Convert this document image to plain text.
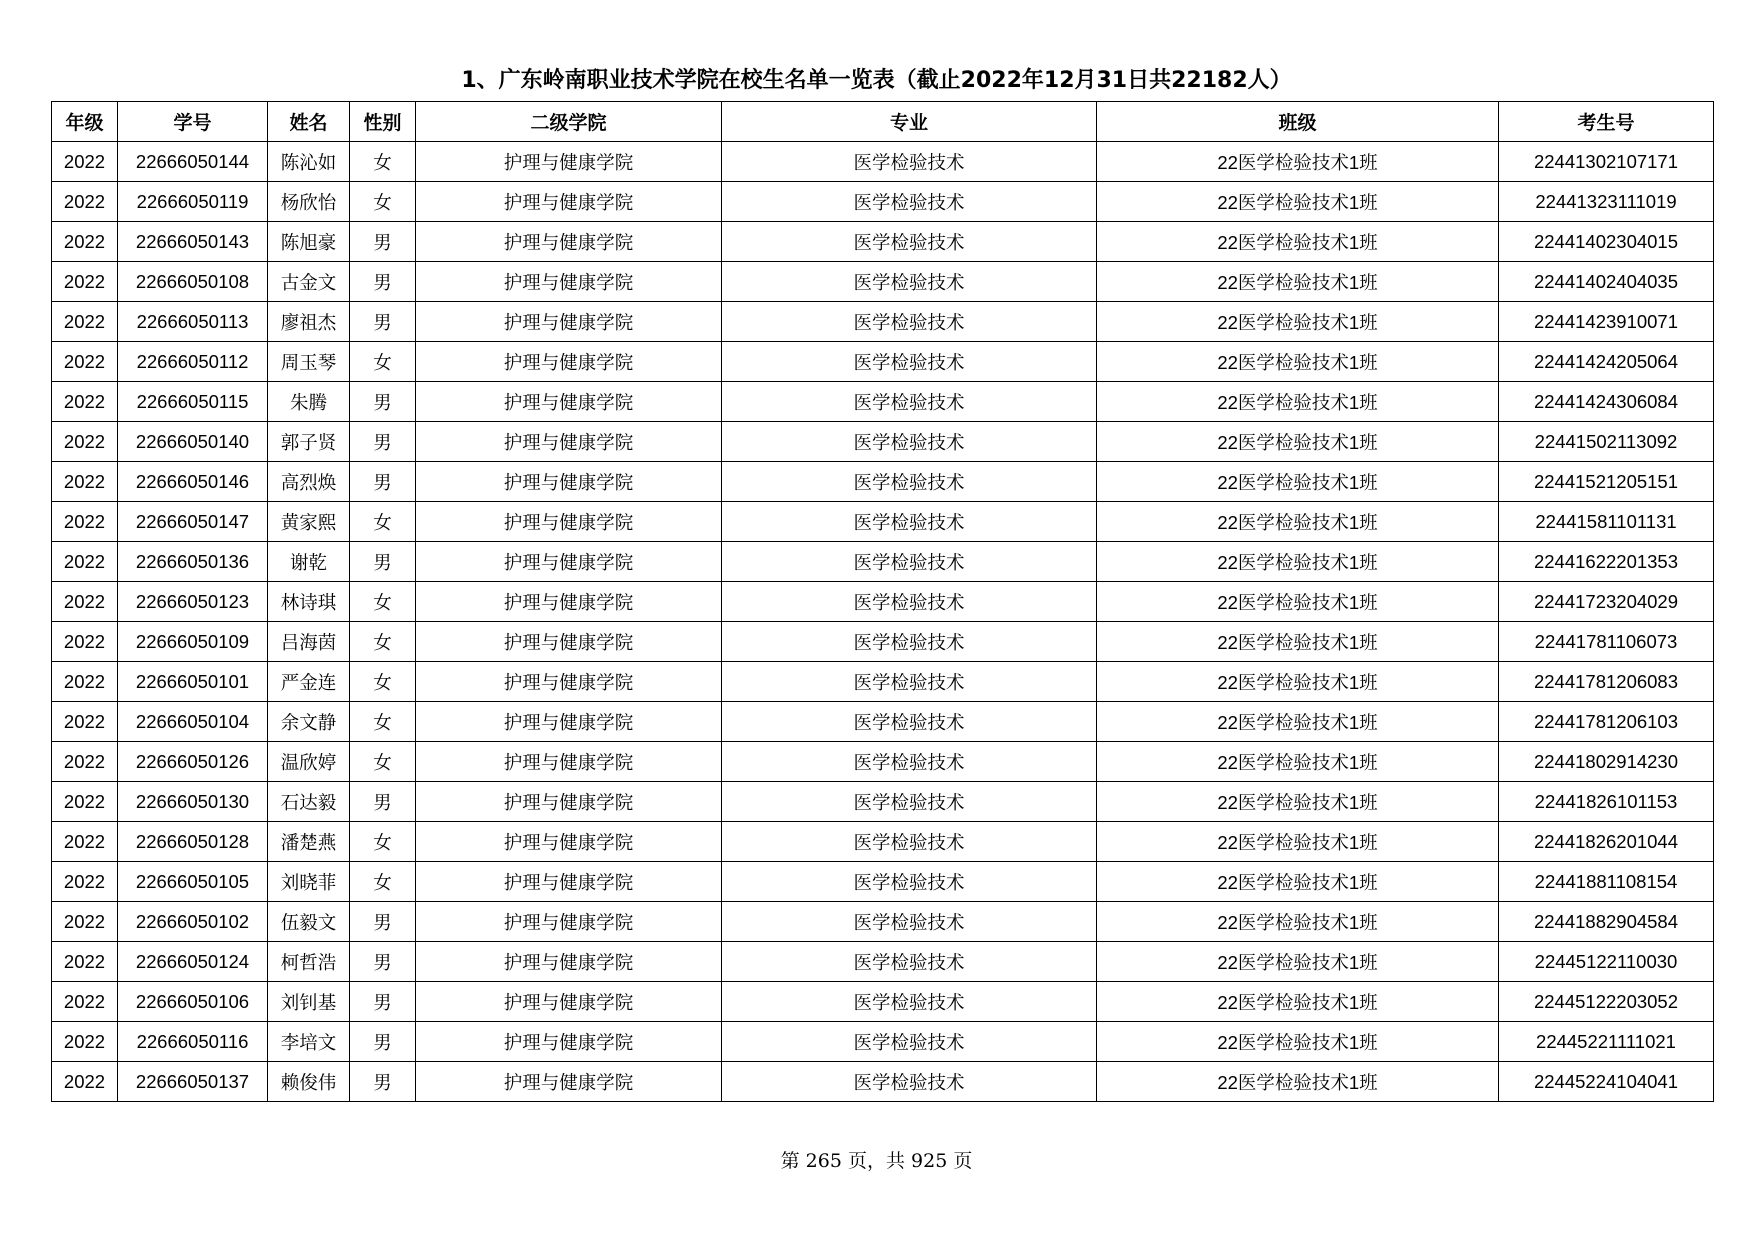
1、广东岭南职业技术学院在校生名单一览表（截止2022年12月31日共22182人）
年级	学号	姓名	性别	二级学院	专业	班级	考生号
2022	22666050144	陈沁如	女	护理与健康学院	医学检验技术	22医学检验技术1班	22441302107171
2022	22666050119	杨欣怡	女	护理与健康学院	医学检验技术	22医学检验技术1班	22441323111019
2022	22666050143	陈旭豪	男	护理与健康学院	医学检验技术	22医学检验技术1班	22441402304015
2022	22666050108	古金文	男	护理与健康学院	医学检验技术	22医学检验技术1班	22441402404035
2022	22666050113	廖祖杰	男	护理与健康学院	医学检验技术	22医学检验技术1班	22441423910071
2022	22666050112	周玉琴	女	护理与健康学院	医学检验技术	22医学检验技术1班	22441424205064
2022	22666050115	朱腾	男	护理与健康学院	医学检验技术	22医学检验技术1班	22441424306084
2022	22666050140	郭子贤	男	护理与健康学院	医学检验技术	22医学检验技术1班	22441502113092
2022	22666050146	高烈焕	男	护理与健康学院	医学检验技术	22医学检验技术1班	22441521205151
2022	22666050147	黄家熙	女	护理与健康学院	医学检验技术	22医学检验技术1班	22441581101131
2022	22666050136	谢乾	男	护理与健康学院	医学检验技术	22医学检验技术1班	22441622201353
2022	22666050123	林诗琪	女	护理与健康学院	医学检验技术	22医学检验技术1班	22441723204029
2022	22666050109	吕海茵	女	护理与健康学院	医学检验技术	22医学检验技术1班	22441781106073
2022	22666050101	严金连	女	护理与健康学院	医学检验技术	22医学检验技术1班	22441781206083
2022	22666050104	余文静	女	护理与健康学院	医学检验技术	22医学检验技术1班	22441781206103
2022	22666050126	温欣婷	女	护理与健康学院	医学检验技术	22医学检验技术1班	22441802914230
2022	22666050130	石达毅	男	护理与健康学院	医学检验技术	22医学检验技术1班	22441826101153
2022	22666050128	潘楚燕	女	护理与健康学院	医学检验技术	22医学检验技术1班	22441826201044
2022	22666050105	刘晓菲	女	护理与健康学院	医学检验技术	22医学检验技术1班	22441881108154
2022	22666050102	伍毅文	男	护理与健康学院	医学检验技术	22医学检验技术1班	22441882904584
2022	22666050124	柯哲浩	男	护理与健康学院	医学检验技术	22医学检验技术1班	22445122110030
2022	22666050106	刘钊基	男	护理与健康学院	医学检验技术	22医学检验技术1班	22445122203052
2022	22666050116	李培文	男	护理与健康学院	医学检验技术	22医学检验技术1班	22445221111021
2022	22666050137	赖俊伟	男	护理与健康学院	医学检验技术	22医学检验技术1班	22445224104041
第 265 页，共 925 页
